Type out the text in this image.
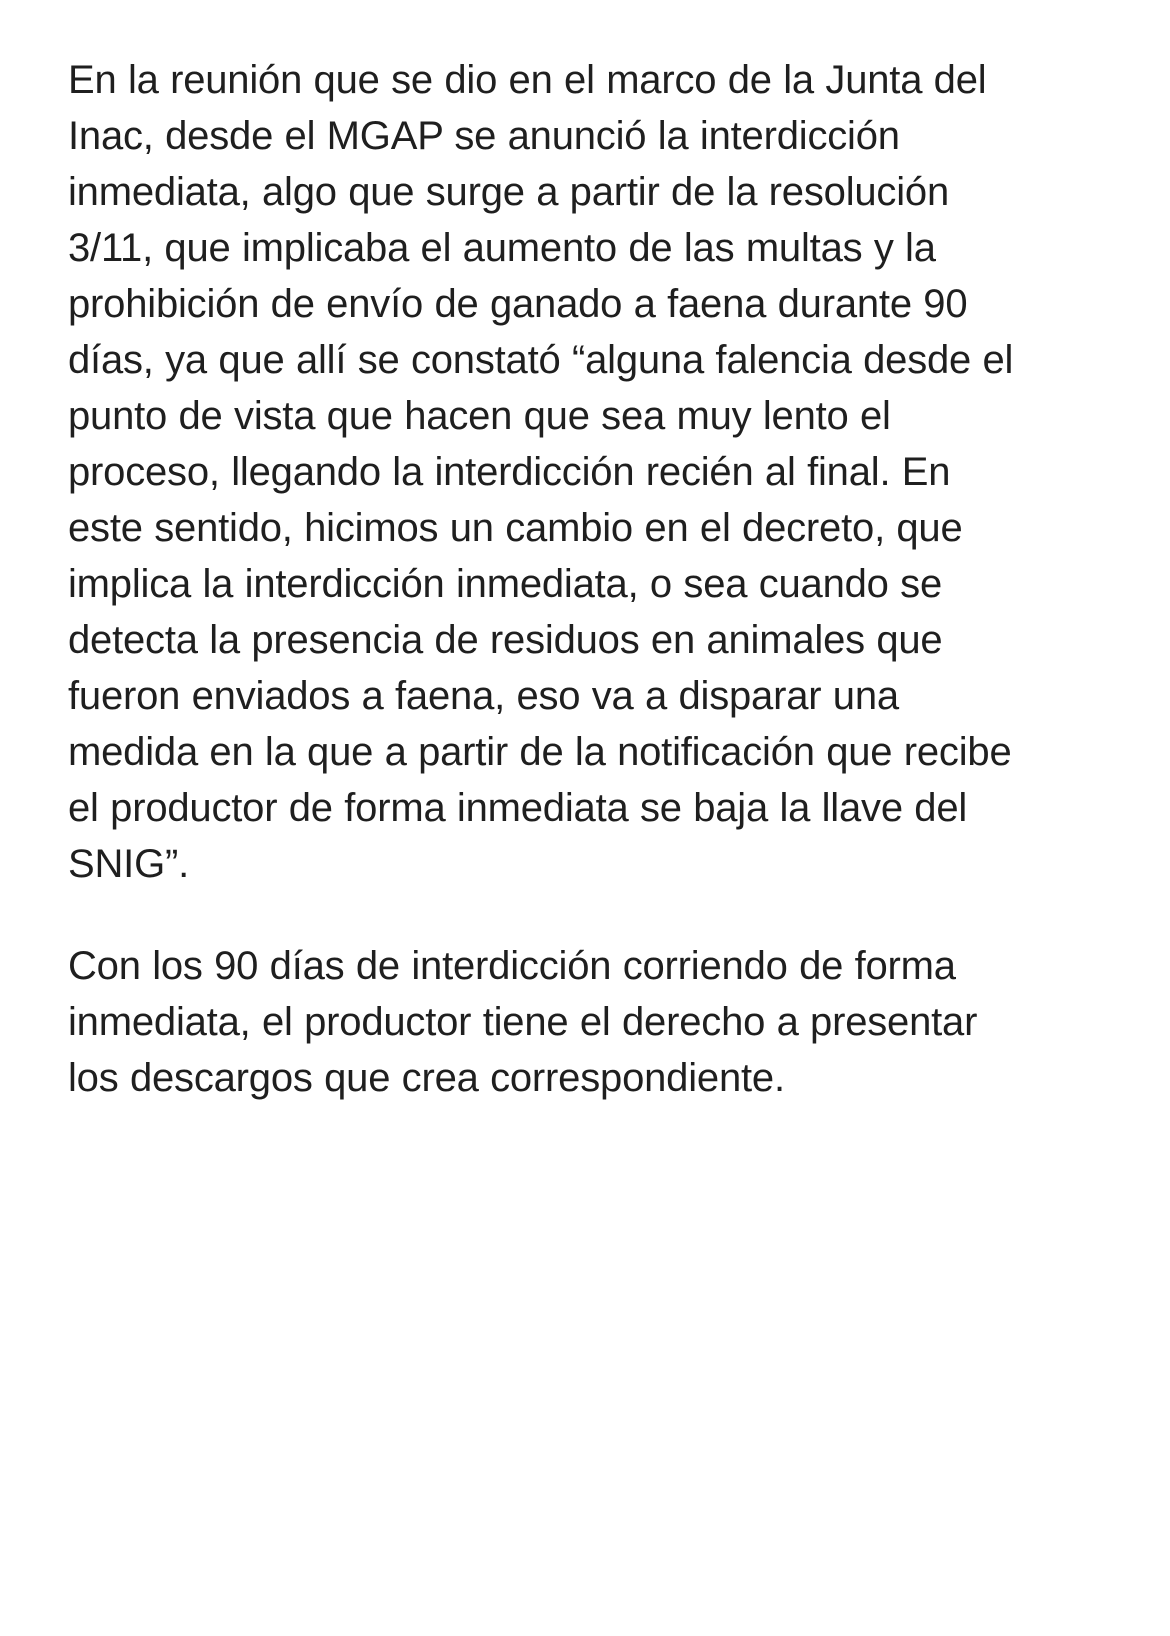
En la reunión que se dio en el marco de la Junta del Inac, desde el MGAP se anunció la interdicción inmediata, algo que surge a partir de la resolución 3/11, que implicaba el aumento de las multas y la prohibición de envío de ganado a faena durante 90 días, ya que allí se constató “alguna falencia desde el punto de vista que hacen que sea muy lento el proceso, llegando la interdicción recién al final. En este sentido, hicimos un cambio en el decreto, que implica la interdicción inmediata, o sea cuando se detecta la presencia de residuos en animales que fueron enviados a faena, eso va a disparar una medida en la que a partir de la notificación que recibe el productor de forma inmediata se baja la llave del SNIG”.

Con los 90 días de interdicción corriendo de forma inmediata, el productor tiene el derecho a presentar los descargos que crea correspondiente.
